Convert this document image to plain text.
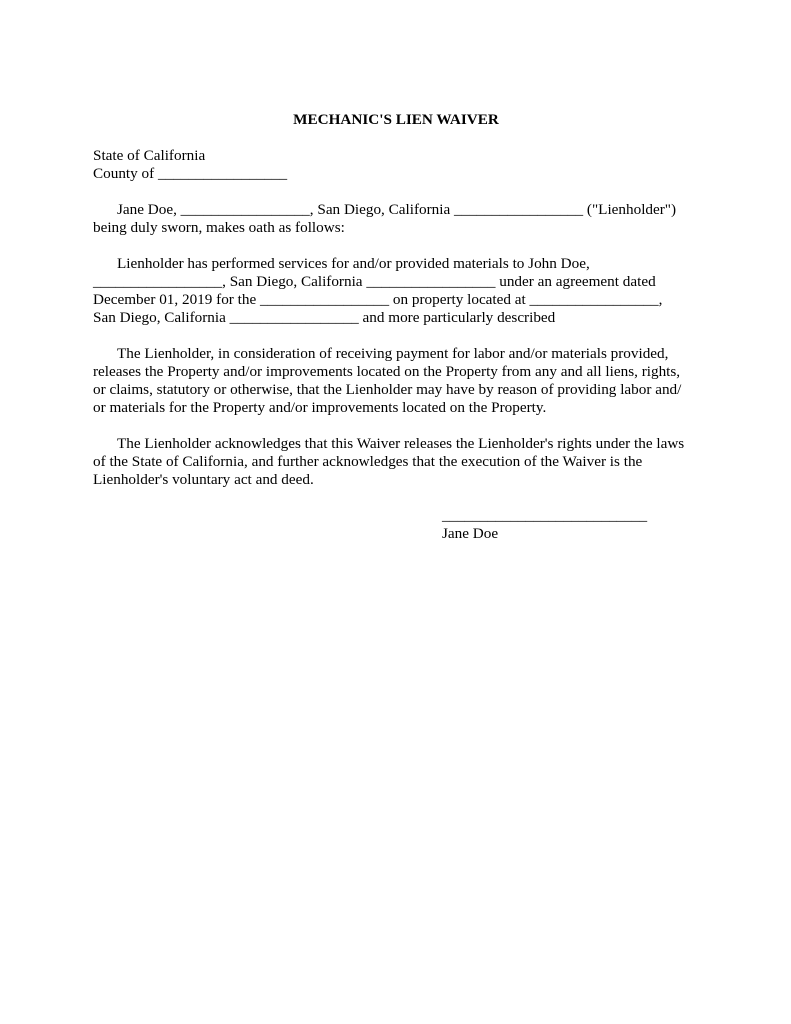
MECHANIC'S LIEN WAIVER
State of California
County of _________________
Jane Doe, _________________, San Diego, California _________________ ("Lienholder")
being duly sworn, makes oath as follows:
Lienholder has performed services for and/or provided materials to John Doe,
_________________, San Diego, California _________________ under an agreement dated
December 01, 2019 for the _________________ on property located at _________________,
San Diego, California _________________ and more particularly described
The Lienholder, in consideration of receiving payment for labor and/or materials provided,
releases the Property and/or improvements located on the Property from any and all liens, rights,
or claims, statutory or otherwise, that the Lienholder may have by reason of providing labor and/
or materials for the Property and/or improvements located on the Property.
The Lienholder acknowledges that this Waiver releases the Lienholder's rights under the laws
of the State of California, and further acknowledges that the execution of the Waiver is the
Lienholder's voluntary act and deed.
___________________________
Jane Doe
